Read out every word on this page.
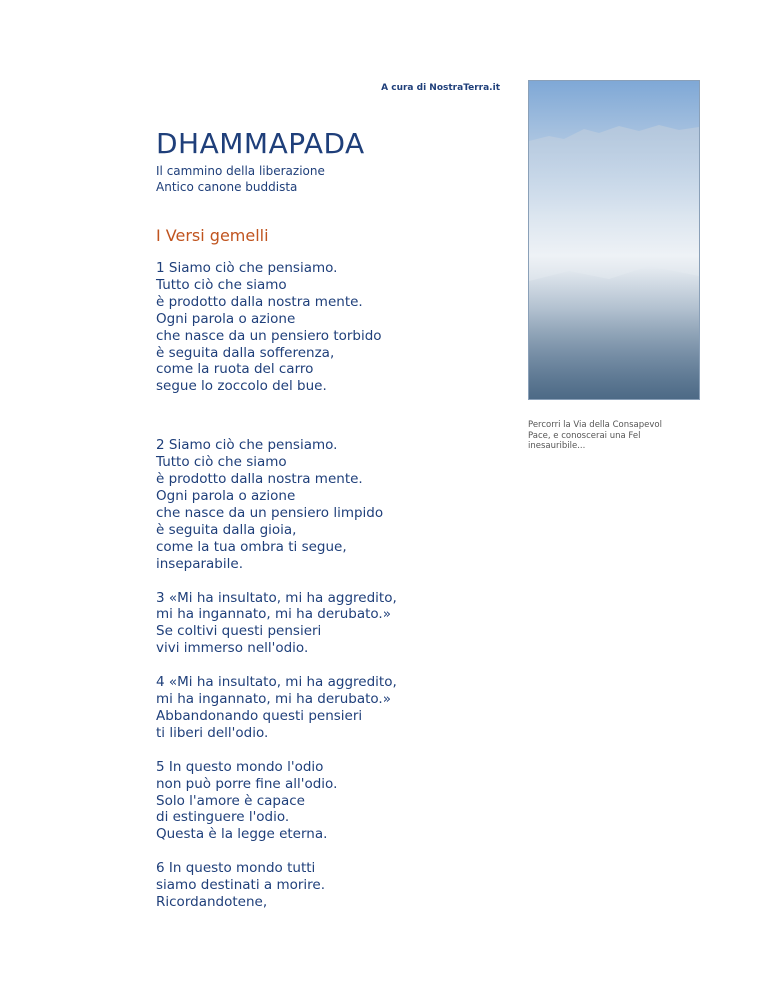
A cura di NostraTerra.it
DHAMMAPADA
Il cammino della liberazione
Antico canone buddista
I Versi gemelli

1 Siamo ciò che pensiamo.
Tutto ciò che siamo
è prodotto dalla nostra mente.
Ogni parola o azione
che nasce da un pensiero torbido
è seguita dalla sofferenza,
come la ruota del carro
segue lo zoccolo del bue.

2 Siamo ciò che pensiamo.
Tutto ciò che siamo
è prodotto dalla nostra mente.
Ogni parola o azione
che nasce da un pensiero limpido
è seguita dalla gioia,
come la tua ombra ti segue,
inseparabile.

3 «Mi ha insultato, mi ha aggredito,
mi ha ingannato, mi ha derubato.»
Se coltivi questi pensieri
vivi immerso nell'odio.

4 «Mi ha insultato, mi ha aggredito,
mi ha ingannato, mi ha derubato.»
Abbandonando questi pensieri
ti liberi dell'odio.

5 In questo mondo l'odio
non può porre fine all'odio.
Solo l'amore è capace
di estinguere l'odio.
Questa è la legge eterna.

6 In questo mondo tutti
siamo destinati a morire.
Ricordandotene,

Percorri la Via della Consapevol
Pace, e conoscerai una Fel
inesauribile...
